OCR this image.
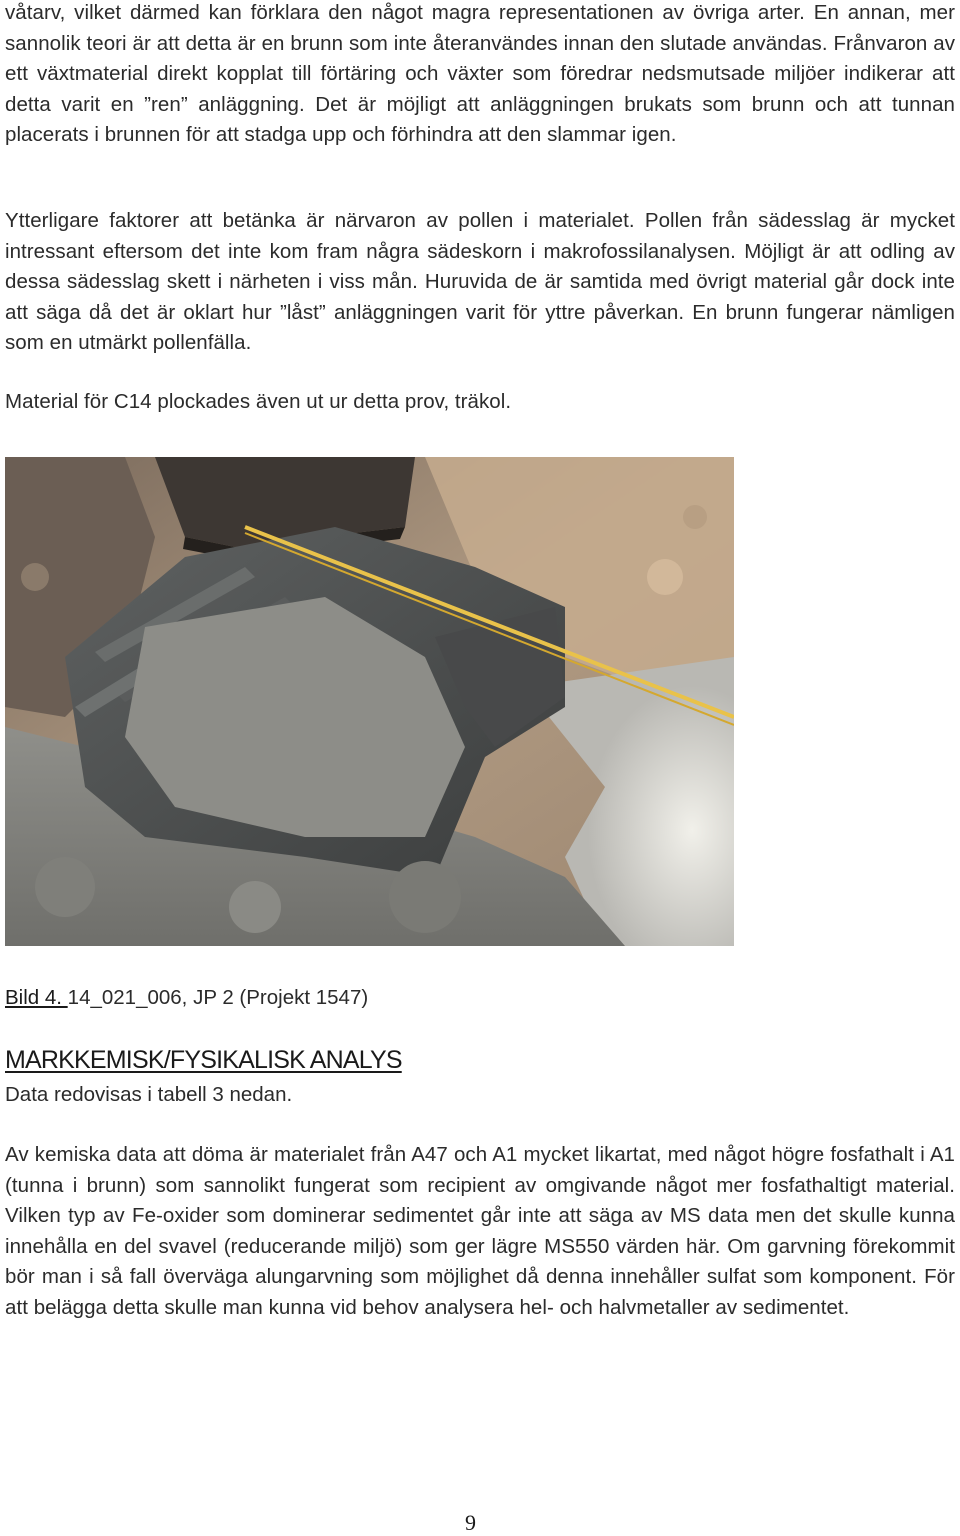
våtarv, vilket därmed kan förklara den något magra representationen av övriga arter. En annan, mer sannolik teori är att detta är en brunn som inte återanvändes innan den slutade användas. Frånvaron av ett växtmaterial direkt kopplat till förtäring och växter som föredrar nedsmutsade miljöer indikerar att detta varit en ”ren” anläggning. Det är möjligt att anläggningen brukats som brunn och att tunnan placerats i brunnen för att stadga upp och förhindra att den slammar igen.

Ytterligare faktorer att betänka är närvaron av pollen i materialet. Pollen från sädesslag är mycket intressant eftersom det inte kom fram några sädeskorn i makrofossilanalysen. Möjligt är att odling av dessa sädesslag skett i närheten i viss mån. Huruvida de är samtida med övrigt material går dock inte att säga då det är oklart hur ”låst” anläggningen varit för yttre påverkan. En brunn fungerar nämligen som en utmärkt pollenfälla.

Material för C14 plockades även ut ur detta prov, träkol.

Bild 4. 14_021_006, JP 2 (Projekt 1547)
MARKKEMISK/FYSIKALISK ANALYS

Data redovisas i tabell 3 nedan.

Av kemiska data att döma är materialet från A47 och A1 mycket likartat, med något högre fosfathalt i A1 (tunna i brunn) som sannolikt fungerat som recipient av omgivande något mer fosfathaltigt material. Vilken typ av Fe-oxider som dominerar sedimentet går inte att säga av MS data men det skulle kunna innehålla en del svavel (reducerande miljö) som ger lägre MS550 värden här. Om garvning förekommit bör man i så fall överväga alungarvning som möjlighet då denna innehåller sulfat som komponent. För att belägga detta skulle man kunna vid behov analysera hel- och halvmetaller av sedimentet.

9
